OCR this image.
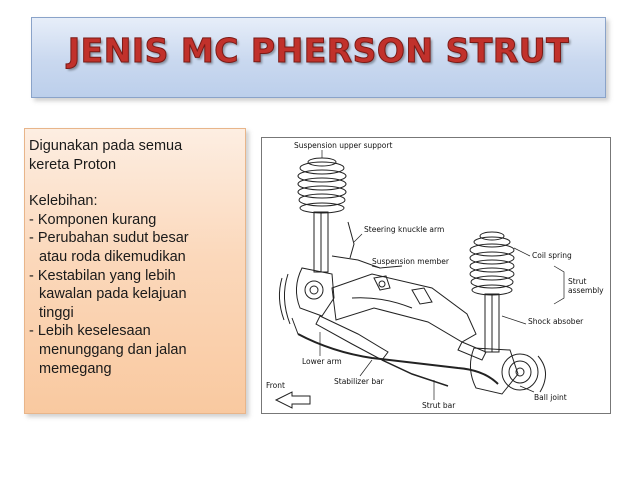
JENIS MC PHERSON STRUT
Digunakan pada semua
kereta Proton
Kelebihan:
- Komponen kurang
- Perubahan sudut besar
atau roda dikemudikan
- Kestabilan yang lebih
kawalan pada kelajuan
tinggi
- Lebih keselesaan
menunggang dan jalan
memegang
Suspension upper support
Steering knuckle arm
Suspension member
Coil spring
Strut
assembly
Shock absober
Lower arm
Front	Stabilizer bar
Strut bar
Ball joint
